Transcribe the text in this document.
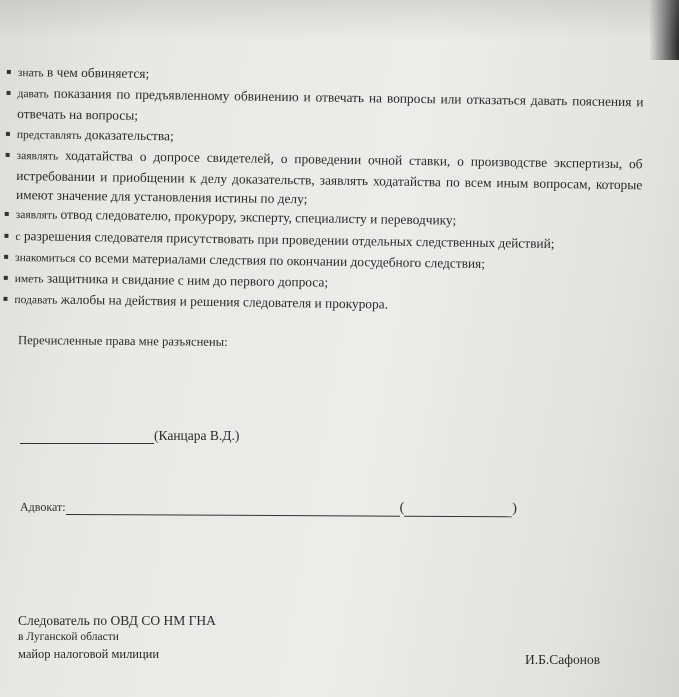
знать в чем обвиняется;
давать показания по предъявленному обвинению и отвечать на вопросы или отказаться давать пояснения и отвечать на вопросы;
представлять доказательства;
заявлять ходатайства о допросе свидетелей, о проведении очной ставки, о производстве экспертизы, об истребовании и приобщении к делу доказательств, заявлять ходатайства по всем иным вопросам, которые имеют значение для установления истины по делу;
заявлять отвод следователю, прокурору, эксперту, специалисту и переводчику;
с разрешения следователя присутствовать при проведении отдельных следственных действий;
знакомиться со всеми материалами следствия по окончании досудебного следствия;
иметь защитника и свидание с ним до первого допроса;
подавать жалобы на действия и решения следователя и прокурора.
Перечисленные права мне разъяснены:
(Канцара В.Д.)
Адвокат:	(	)
Следователь по ОВД СО НМ ГНА
в Луганской области
майор налоговой милиции	И.Б.Сафонов
